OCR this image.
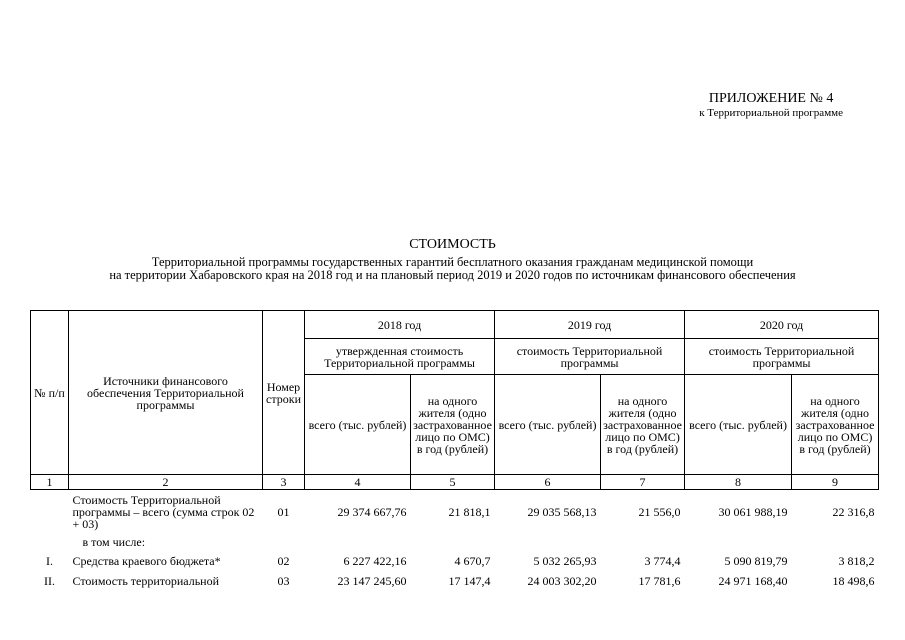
ПРИЛОЖЕНИЕ № 4
к Территориальной программе
СТОИМОСТЬ
Территориальной программы государственных гарантий бесплатного оказания гражданам медицинской помощи
на территории Хабаровского края на 2018 год и на плановый период 2019 и 2020 годов по источникам финансового обеспечения
№ п/п	Источники финансового обеспечения Территориальной программы	Номер строки	2018 год		2019 год		2020 год	
			утвержденная стоимость Территориальной программы		стоимость Территориальной программы		стоимость Территориальной программы	
			всего (тыс. рублей)	на одного жителя (одно застрахованное лицо по ОМС) в год (рублей)	всего (тыс. рублей)	на одного жителя (одно застрахованное лицо по ОМС) в год (рублей)	всего (тыс. рублей)	на одного жителя (одно застрахованное лицо по ОМС) в год (рублей)
1	2	3	4	5	6	7	8	9
	Стоимость Территориальной программы – всего (сумма строк 02 + 03)	01	29 374 667,76	21 818,1	29 035 568,13	21 556,0	30 061 988,19	22 316,8
	в том числе:							
I.	Средства краевого бюджета*	02	6 227 422,16	4 670,7	5 032 265,93	3 774,4	5 090 819,79	3 818,2
II.	Стоимость территориальной	03	23 147 245,60	17 147,4	24 003 302,20	17 781,6	24 971 168,40	18 498,6
